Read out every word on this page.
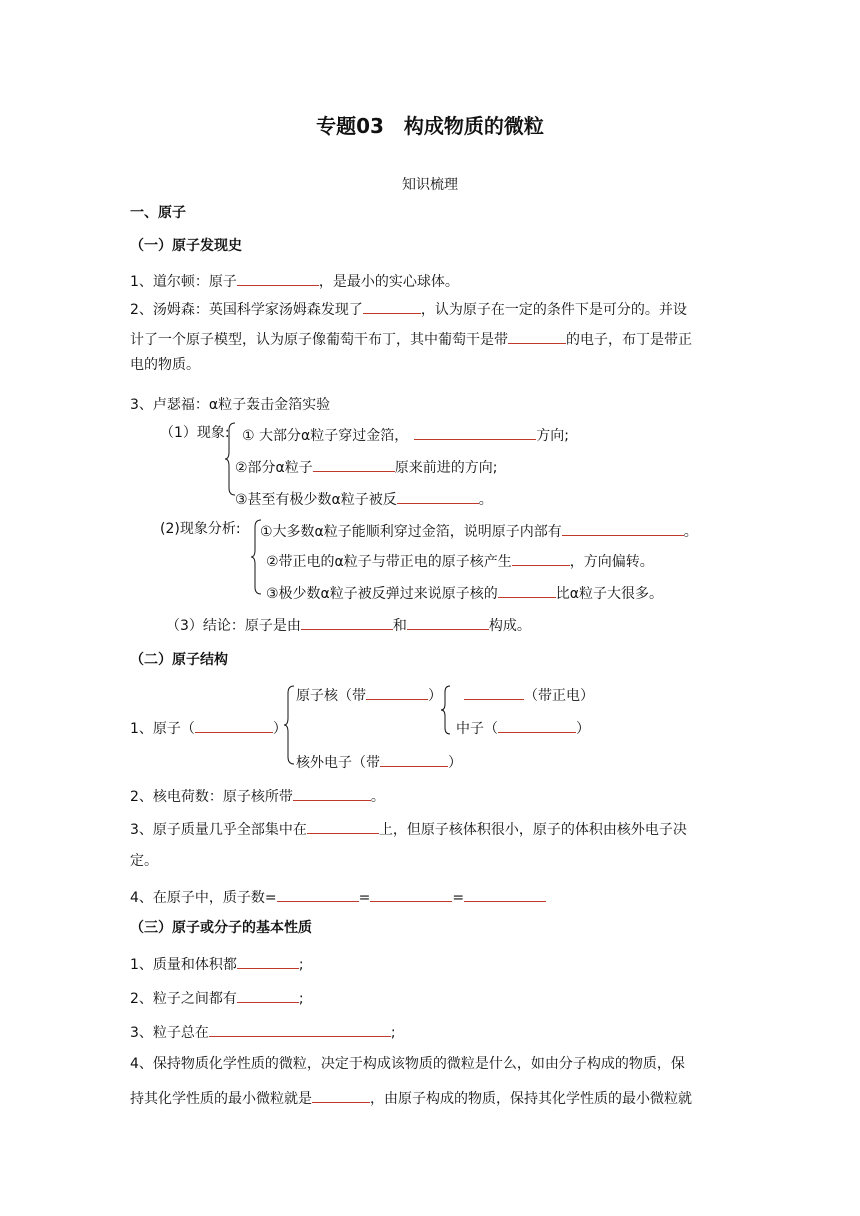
专题03　构成物质的微粒
知识梳理
一、原子
（一）原子发现史
1、道尔顿：原子	，是最小的实心球体。
2、汤姆森：英国科学家汤姆森发现了	，认为原子在一定的条件下是可分的。并设
计了一个原子模型，认为原子像葡萄干布丁，其中葡萄干是带	的电子，布丁是带正
电的物质。
3、卢瑟福：α粒子轰击金箔实验
（1）现象: ① 大部分α粒子穿过金箔，	方向;
②部分α粒子	原来前进的方向;
③甚至有极少数α粒子被反	。
(2)现象分析: ①大多数α粒子能顺利穿过金箔，说明原子内部有	。
②带正电的α粒子与带正电的原子核产生	，方向偏转。
③极少数α粒子被反弹过来说原子核的	比α粒子大很多。
（3）结论：原子是由	和	构成。
（二）原子结构
1、原子（	）
原子核（带	）	（带正电）
中子（	）
核外电子（带	）
2、核电荷数：原子核所带	。
3、原子质量几乎全部集中在	上，但原子核体积很小，原子的体积由核外电子决
定。
4、在原子中，质子数=	=	=
（三）原子或分子的基本性质
1、质量和体积都	;
2、粒子之间都有	;
3、粒子总在	;
4、保持物质化学性质的微粒，决定于构成该物质的微粒是什么，如由分子构成的物质，保
持其化学性质的最小微粒就是	，由原子构成的物质，保持其化学性质的最小微粒就
